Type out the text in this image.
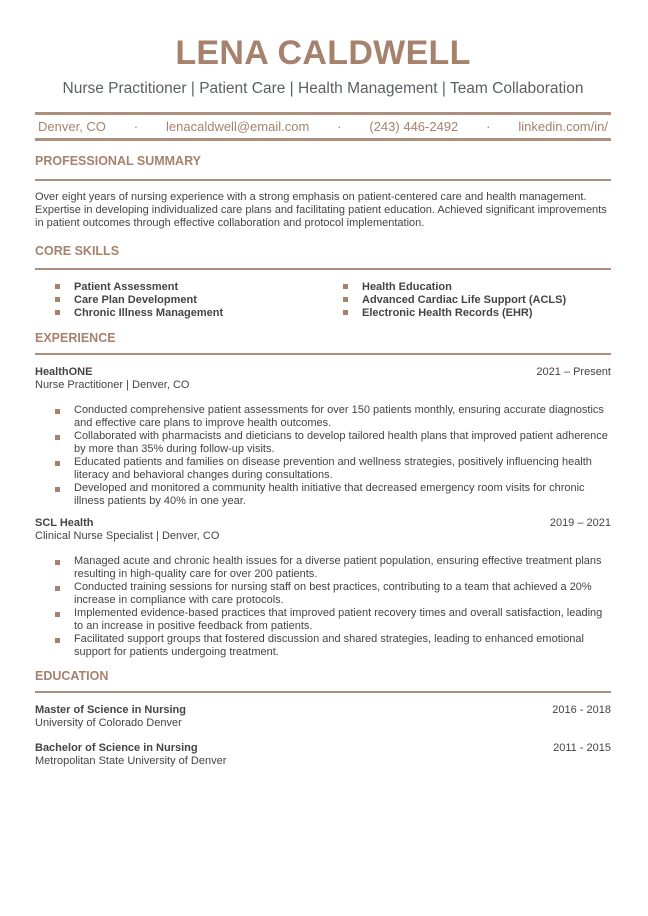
LENA CALDWELL
Nurse Practitioner | Patient Care | Health Management | Team Collaboration
Denver, CO · lenacaldwell@email.com · (243) 446-2492 · linkedin.com/in/
PROFESSIONAL SUMMARY
Over eight years of nursing experience with a strong emphasis on patient-centered care and health management. Expertise in developing individualized care plans and facilitating patient education. Achieved significant improvements in patient outcomes through effective collaboration and protocol implementation.
CORE SKILLS
Patient Assessment	Health Education
Care Plan Development	Advanced Cardiac Life Support (ACLS)
Chronic Illness Management	Electronic Health Records (EHR)
EXPERIENCE
HealthONE	2021 – Present
Nurse Practitioner | Denver, CO
Conducted comprehensive patient assessments for over 150 patients monthly, ensuring accurate diagnostics and effective care plans to improve health outcomes.
Collaborated with pharmacists and dieticians to develop tailored health plans that improved patient adherence by more than 35% during follow-up visits.
Educated patients and families on disease prevention and wellness strategies, positively influencing health literacy and behavioral changes during consultations.
Developed and monitored a community health initiative that decreased emergency room visits for chronic illness patients by 40% in one year.
SCL Health	2019 – 2021
Clinical Nurse Specialist | Denver, CO
Managed acute and chronic health issues for a diverse patient population, ensuring effective treatment plans resulting in high-quality care for over 200 patients.
Conducted training sessions for nursing staff on best practices, contributing to a team that achieved a 20% increase in compliance with care protocols.
Implemented evidence-based practices that improved patient recovery times and overall satisfaction, leading to an increase in positive feedback from patients.
Facilitated support groups that fostered discussion and shared strategies, leading to enhanced emotional support for patients undergoing treatment.
EDUCATION
Master of Science in Nursing	2016 - 2018
University of Colorado Denver
Bachelor of Science in Nursing	2011 - 2015
Metropolitan State University of Denver
